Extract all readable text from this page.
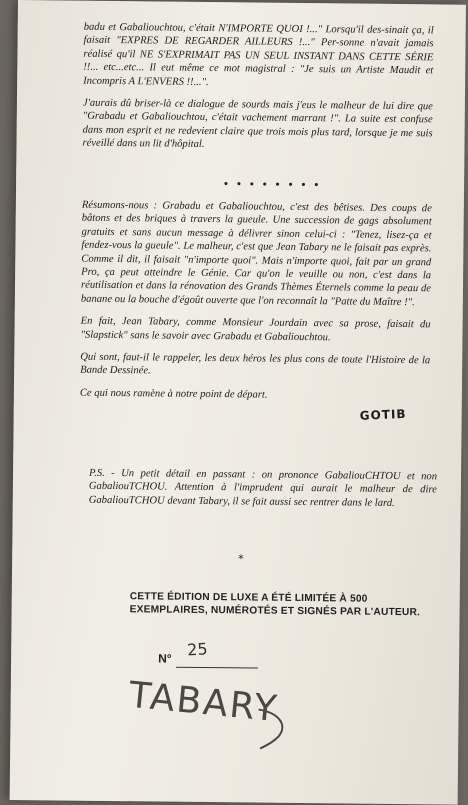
badu et Gabaliouchtou, c'était N'IMPORTE QUOI !..." Lorsqu'il des-sinait ça, il faisait "EXPRES DE REGARDER AILLEURS !..." Per-sonne n'avait jamais réalisé qu'il NE S'EXPRIMAIT PAS UN SEUL INSTANT DANS CETTE SÉRIE !!... etc...etc... Il eut même ce mot magistral : "Je suis un Artiste Maudit et Incompris A L'ENVERS !!...".

J'aurais dû briser-là ce dialogue de sourds mais j'eus le malheur de lui dire que "Grabadu et Gabaliouchtou, c'était vachement marrant !". La suite est confuse dans mon esprit et ne redevient claire que trois mois plus tard, lorsque je me suis réveillé dans un lit d'hôpital.

• • • • • • • •

Résumons-nous : Grabadu et Gabaliouchtou, c'est des bêtises. Des coups de bâtons et des briques à travers la gueule. Une succession de gags absolument gratuits et sans aucun message à délivrer sinon celui-ci : "Tenez, lisez-ça et fendez-vous la gueule". Le malheur, c'est que Jean Tabary ne le faisait pas exprès. Comme il dit, il faisait "n'importe quoi". Mais n'importe quoi, fait par un grand Pro, ça peut atteindre le Génie. Car qu'on le veuille ou non, c'est dans la réutilisation et dans la rénovation des Grands Thèmes Éternels comme la peau de banane ou la bouche d'égoût ouverte que l'on reconnaît la "Patte du Maître !".

En fait, Jean Tabary, comme Monsieur Jourdain avec sa prose, faisait du "Slapstick" sans le savoir avec Grabadu et Gabaliouchtou.

Qui sont, faut-il le rappeler, les deux héros les plus cons de toute l'Histoire de la Bande Dessinée.

Ce qui nous ramène à notre point de départ.

GOTIB
P.S. - Un petit détail en passant : on prononce GabaliouCHTOU et non GabaliouTCHOU. Attention à l'imprudent qui aurait le malheur de dire GabaliouTCHOU devant Tabary, il se fait aussi sec rentrer dans le lard.
*
CETTE ÉDITION DE LUXE A ÉTÉ LIMITÉE À 500
EXEMPLAIRES, NUMÉROTÉS ET SIGNÉS PAR L'AUTEUR.
N° 25
TABARY
